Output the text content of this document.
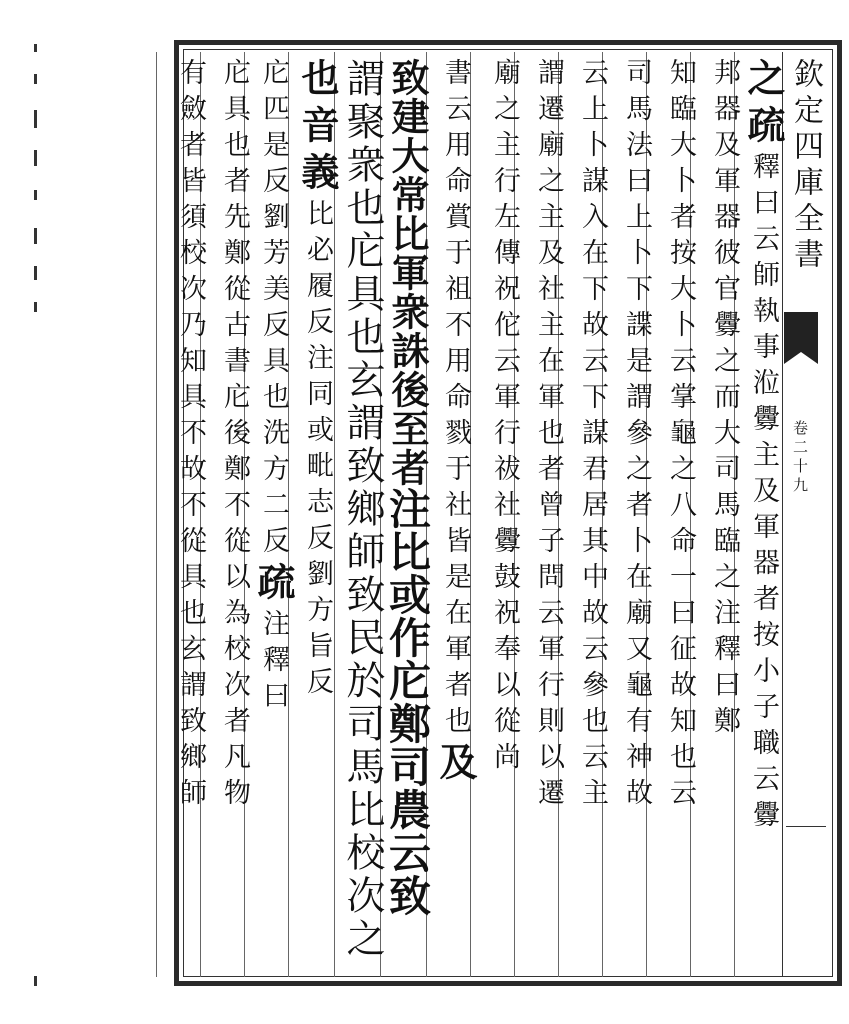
欽定四庫全書
卷二十九
之疏釋曰云師執事涖釁主及軍器者按小子職云釁
邦器及軍器彼官釁之而大司馬臨之注釋曰鄭
知臨大卜者按大卜云掌龜之八命一曰征故知也云
司馬法曰上卜下諜是謂參之者卜在廟又龜有神故
云上卜謀入在下故云下謀君居其中故云參也云主
謂遷廟之主及社主在軍也者曾子問云軍行則以遷
廟之主行左傳祝佗云軍行祓社釁鼓祝奉以從尚
書云用命賞于祖不用命戮于社皆是在軍者也及
致建大常比軍衆誅後至者注比或作庀鄭司農云致
謂聚衆也庀具也玄謂致鄉師致民於司馬比校次之
也音義比必履反注同或毗志反劉方旨反
庀匹是反劉芳美反具也洗方二反疏注釋曰
庀具也者先鄭從古書庀後鄭不從以為校次者凡物
有斂者皆須校次乃知具不故不從具也玄謂致鄉師
